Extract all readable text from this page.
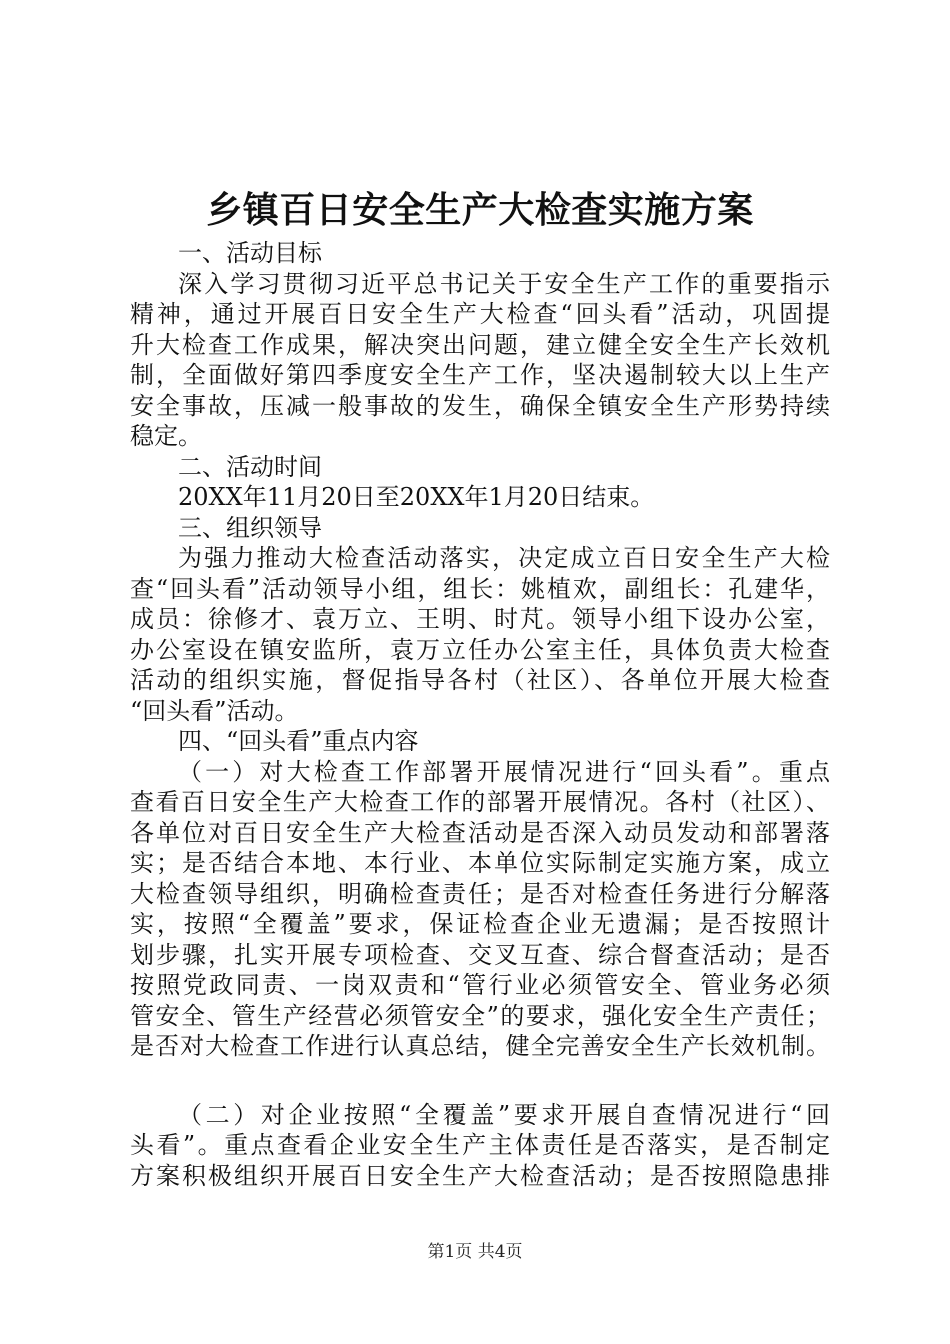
乡镇百日安全生产大检查实施方案

一、活动目标

深入学习贯彻习近平总书记关于安全生产工作的重要指示

精神，通过开展百日安全生产大检查“回头看”活动，巩固提

升大检查工作成果，解决突出问题，建立健全安全生产长效机

制，全面做好第四季度安全生产工作，坚决遏制较大以上生产

安全事故，压减一般事故的发生，确保全镇安全生产形势持续

稳定。

二、活动时间

20XX年11月20日至20XX年1月20日结束。

三、组织领导

为强力推动大检查活动落实，决定成立百日安全生产大检

查“回头看”活动领导小组，组长：姚植欢，副组长：孔建华，

成员：徐修才、袁万立、王明、时芃。领导小组下设办公室，

办公室设在镇安监所，袁万立任办公室主任，具体负责大检查

活动的组织实施，督促指导各村（社区）、各单位开展大检查

“回头看”活动。

四、“回头看”重点内容

（一）对大检查工作部署开展情况进行“回头看”。重点

查看百日安全生产大检查工作的部署开展情况。各村（社区）、

各单位对百日安全生产大检查活动是否深入动员发动和部署落

实；是否结合本地、本行业、本单位实际制定实施方案，成立

大检查领导组织，明确检查责任；是否对检查任务进行分解落

实，按照“全覆盖”要求，保证检查企业无遗漏；是否按照计

划步骤，扎实开展专项检查、交叉互查、综合督查活动；是否

按照党政同责、一岗双责和“管行业必须管安全、管业务必须

管安全、管生产经营必须管安全”的要求，强化安全生产责任；

是否对大检查工作进行认真总结，健全完善安全生产长效机制。

（二）对企业按照“全覆盖”要求开展自查情况进行“回

头看”。重点查看企业安全生产主体责任是否落实，是否制定

方案积极组织开展百日安全生产大检查活动；是否按照隐患排

第1页 共4页
